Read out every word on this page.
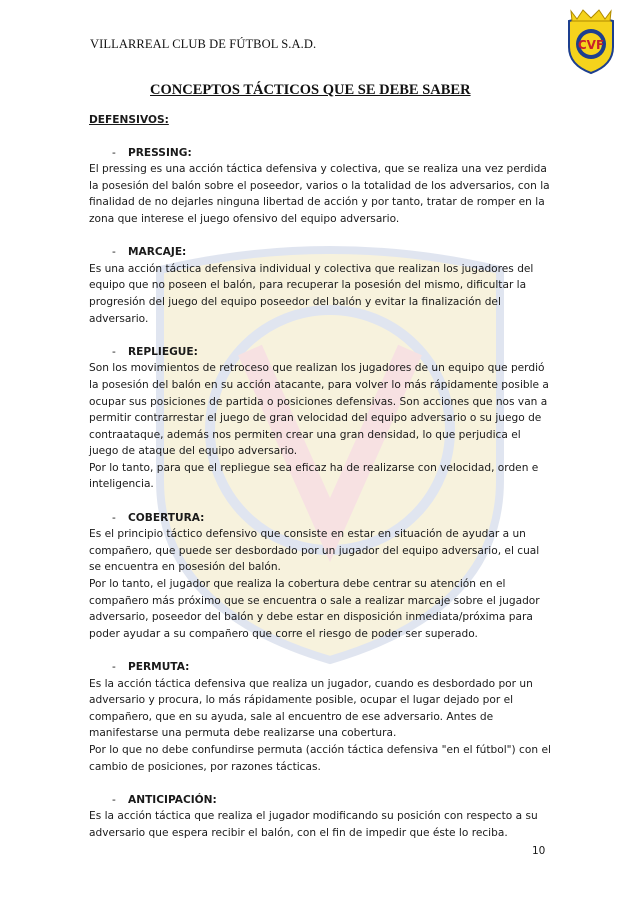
VILLARREAL CLUB DE FÚTBOL S.A.D.	CVF
CONCEPTOS TÁCTICOS QUE SE DEBE SABER
DEFENSIVOS:
- PRESSING:

El pressing es una acción táctica defensiva y colectiva, que se realiza una vez perdida la posesión del balón sobre el poseedor, varios o la totalidad de los adversarios, con la finalidad de no dejarles ninguna libertad de acción y por tanto, tratar de romper en la zona que interese el juego ofensivo del equipo adversario.

- MARCAJE:

Es una acción táctica defensiva individual y colectiva que realizan los jugadores del equipo que no poseen el balón, para recuperar la posesión del mismo, dificultar la progresión del juego del equipo poseedor del balón y evitar la finalización del adversario.

- REPLIEGUE:

Son los movimientos de retroceso que realizan los jugadores de un equipo que perdió la posesión del balón en su acción atacante, para volver lo más rápidamente posible a ocupar sus posiciones de partida o posiciones defensivas. Son acciones que nos van a permitir contrarrestar el juego de gran velocidad del equipo adversario o su juego de contraataque, además nos permiten crear una gran densidad, lo que perjudica el juego de ataque del equipo adversario.

Por lo tanto, para que el repliegue sea eficaz ha de realizarse con velocidad, orden e inteligencia.

- COBERTURA:

Es el principio táctico defensivo que consiste en estar en situación de ayudar a un compañero, que puede ser desbordado por un jugador del equipo adversario, el cual se encuentra en posesión del balón.

Por lo tanto, el jugador que realiza la cobertura debe centrar su atención en el compañero más próximo que se encuentra o sale a realizar marcaje sobre el jugador adversario, poseedor del balón y debe estar en disposición inmediata/próxima para poder ayudar a su compañero que corre el riesgo de poder ser superado.

- PERMUTA:

Es la acción táctica defensiva que realiza un jugador, cuando es desbordado por un adversario y procura, lo más rápidamente posible, ocupar el lugar dejado por el compañero, que en su ayuda, sale al encuentro de ese adversario. Antes de manifestarse una permuta debe realizarse una cobertura.

Por lo que no debe confundirse permuta (acción táctica defensiva "en el fútbol") con el cambio de posiciones, por razones tácticas.

- ANTICIPACIÓN:

Es la acción táctica que realiza el jugador modificando su posición con respecto a su adversario que espera recibir el balón, con el fin de impedir que éste lo reciba.

10
